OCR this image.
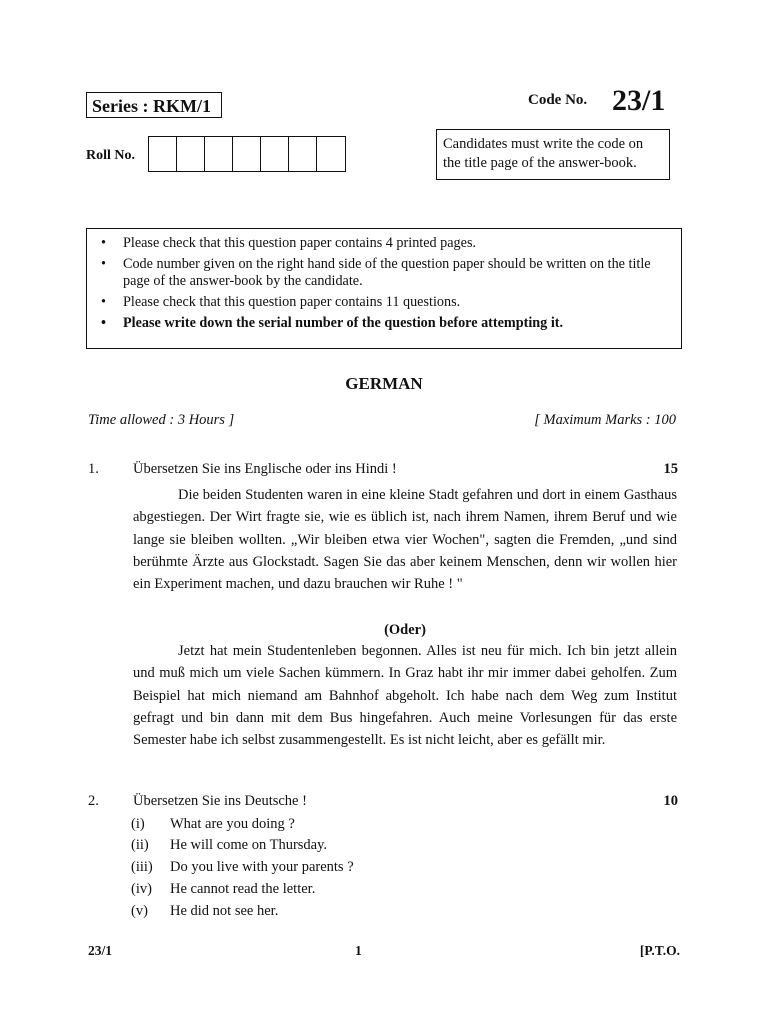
Series : RKM/1	Code No. 23/1
Roll No.
Candidates must write the code on the title page of the answer-book.
• Please check that this question paper contains 4 printed pages.
• Code number given on the right hand side of the question paper should be written on the title page of the answer-book by the candidate.
• Please check that this question paper contains 11 questions.
• Please write down the serial number of the question before attempting it.
GERMAN
Time allowed : 3 Hours ]	[ Maximum Marks : 100
1. Übersetzen Sie ins Englische oder ins Hindi !	15
Die beiden Studenten waren in eine kleine Stadt gefahren und dort in einem Gasthaus abgestiegen. Der Wirt fragte sie, wie es üblich ist, nach ihrem Namen, ihrem Beruf und wie lange sie bleiben wollten. „Wir bleiben etwa vier Wochen", sagten die Fremden, „und sind berühmte Ärzte aus Glockstadt. Sagen Sie das aber keinem Menschen, denn wir wollen hier ein Experiment machen, und dazu brauchen wir Ruhe ! "
(Oder)
Jetzt hat mein Studentenleben begonnen. Alles ist neu für mich. Ich bin jetzt allein und muß mich um viele Sachen kümmern. In Graz habt ihr mir immer dabei geholfen. Zum Beispiel hat mich niemand am Bahnhof abgeholt. Ich habe nach dem Weg zum Institut gefragt und bin dann mit dem Bus hingefahren. Auch meine Vorlesungen für das erste Semester habe ich selbst zusammengestellt. Es ist nicht leicht, aber es gefällt mir.
2. Übersetzen Sie ins Deutsche !	10
(i)	What are you doing ?
(ii)	He will come on Thursday.
(iii)	Do you live with your parents ?
(iv)	He cannot read the letter.
(v)	He did not see her.
23/1	1	[P.T.O.
